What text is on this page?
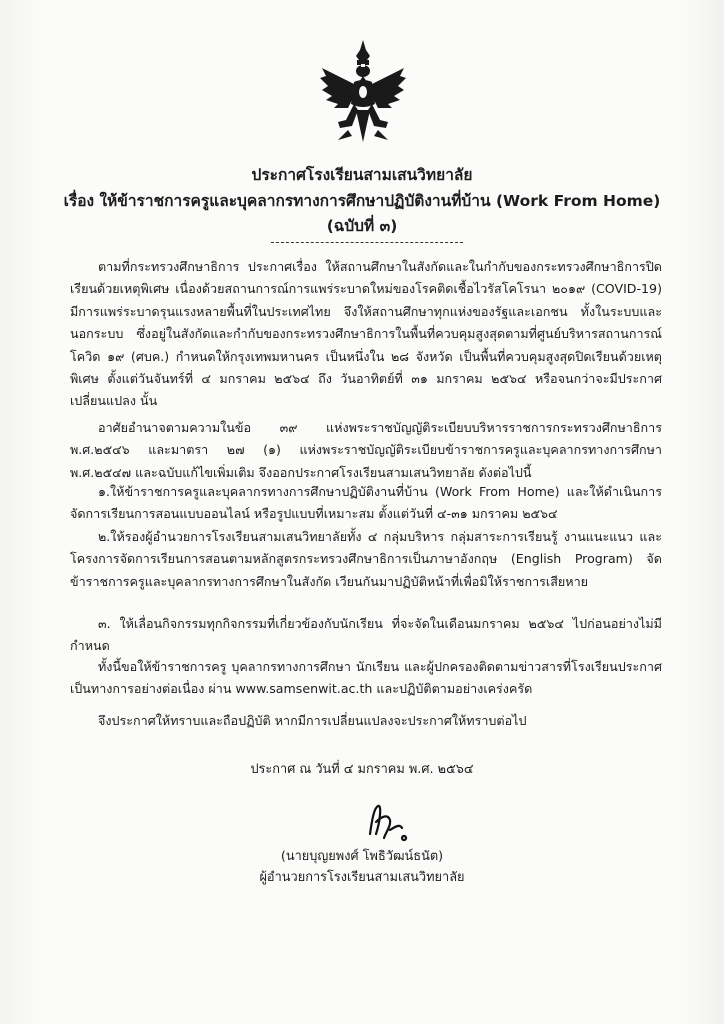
ประกาศโรงเรียนสามเสนวิทยาลัย
เรื่อง ให้ข้าราชการครูและบุคลากรทางการศึกษาปฏิบัติงานที่บ้าน (Work From Home)
(ฉบับที่ ๓)
ตามที่กระทรวงศึกษาธิการ ประกาศเรื่อง ให้สถานศึกษาในสังกัดและในกำกับของกระทรวงศึกษาธิการปิดเรียนด้วยเหตุพิเศษ เนื่องด้วยสถานการณ์การแพร่ระบาดใหม่ของโรคติดเชื้อไวรัสโคโรนา ๒๐๑๙ (COVID-19) มีการแพร่ระบาดรุนแรงหลายพื้นที่ในประเทศไทย จึงให้สถานศึกษาทุกแห่งของรัฐและเอกชน ทั้งในระบบและนอกระบบ ซึ่งอยู่ในสังกัดและกำกับของกระทรวงศึกษาธิการในพื้นที่ควบคุมสูงสุดตามที่ศูนย์บริหารสถานการณ์โควิด ๑๙ (ศบค.) กำหนดให้กรุงเทพมหานคร เป็นหนึ่งใน ๒๘ จังหวัด เป็นพื้นที่ควบคุมสูงสุดปิดเรียนด้วยเหตุพิเศษ ตั้งแต่วันจันทร์ที่ ๔ มกราคม ๒๕๖๔ ถึง วันอาทิตย์ที่ ๓๑ มกราคม ๒๕๖๔ หรือจนกว่าจะมีประกาศเปลี่ยนแปลง นั้น
อาศัยอำนาจตามความในข้อ ๓๙ แห่งพระราชบัญญัติระเบียบบริหารราชการกระทรวงศึกษาธิการ พ.ศ.๒๕๔๖ และมาตรา ๒๗ (๑) แห่งพระราชบัญญัติระเบียบข้าราชการครูและบุคลากรทางการศึกษา พ.ศ.๒๕๔๗ และฉบับแก้ไขเพิ่มเติม จึงออกประกาศโรงเรียนสามเสนวิทยาลัย ดังต่อไปนี้
๑.ให้ข้าราชการครูและบุคลากรทางการศึกษาปฏิบัติงานที่บ้าน (Work From Home) และให้ดำเนินการจัดการเรียนการสอนแบบออนไลน์ หรือรูปแบบที่เหมาะสม ตั้งแต่วันที่ ๔-๓๑ มกราคม ๒๕๖๔
๒.ให้รองผู้อำนวยการโรงเรียนสามเสนวิทยาลัยทั้ง ๔ กลุ่มบริหาร กลุ่มสาระการเรียนรู้ งานแนะแนว และโครงการจัดการเรียนการสอนตามหลักสูตรกระทรวงศึกษาธิการเป็นภาษาอังกฤษ (English Program) จัดข้าราชการครูและบุคลากรทางการศึกษาในสังกัด เวียนกันมาปฏิบัติหน้าที่เพื่อมิให้ราชการเสียหาย
๓. ให้เลื่อนกิจกรรมทุกกิจกรรมที่เกี่ยวข้องกับนักเรียน ที่จะจัดในเดือนมกราคม ๒๕๖๔ ไปก่อนอย่างไม่มีกำหนด
ทั้งนี้ขอให้ข้าราชการครู บุคลากรทางการศึกษา นักเรียน และผู้ปกครองติดตามข่าวสารที่โรงเรียนประกาศเป็นทางการอย่างต่อเนื่อง ผ่าน www.samsenwit.ac.th และปฏิบัติตามอย่างเคร่งครัด
จึงประกาศให้ทราบและถือปฏิบัติ หากมีการเปลี่ยนแปลงจะประกาศให้ทราบต่อไป
ประกาศ ณ วันที่ ๔ มกราคม พ.ศ. ๒๕๖๔
(นายบุญยพงศ์ โพธิวัฒน์ธนัต)
ผู้อำนวยการโรงเรียนสามเสนวิทยาลัย
